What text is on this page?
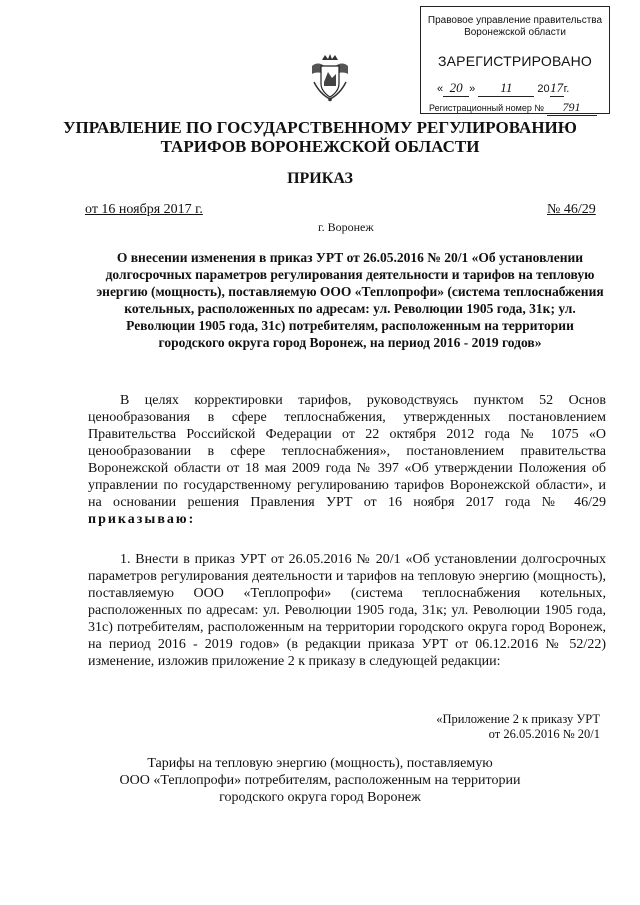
Правовое управление правительства
Воронежской области
ЗАРЕГИСТРИРОВАНО
« 20 » 11 2017г.
Регистрационный номер № 791
УПРАВЛЕНИЕ ПО ГОСУДАРСТВЕННОМУ РЕГУЛИРОВАНИЮ
ТАРИФОВ ВОРОНЕЖСКОЙ ОБЛАСТИ
ПРИКАЗ
от 16 ноября 2017 г.	№ 46/29
г. Воронеж
О внесении изменения в приказ УРТ от 26.05.2016 № 20/1 «Об установлении долгосрочных параметров регулирования деятельности и тарифов на тепловую энергию (мощность), поставляемую ООО «Теплопрофи» (система теплоснабжения котельных, расположенных по адресам: ул. Революции 1905 года, 31к; ул. Революции 1905 года, 31с) потребителям, расположенным на территории городского округа город Воронеж, на период 2016 - 2019 годов»
В целях корректировки тарифов, руководствуясь пунктом 52 Основ ценообразования в сфере теплоснабжения, утвержденных постановлением Правительства Российской Федерации от 22 октября 2012 года № 1075 «О ценообразовании в сфере теплоснабжения», постановлением правительства Воронежской области от 18 мая 2009 года № 397 «Об утверждении Положения об управлении по государственному регулированию тарифов Воронежской области», и на основании решения Правления УРТ от 16 ноября 2017 года № 46/29 приказываю:
1. Внести в приказ УРТ от 26.05.2016 № 20/1 «Об установлении долгосрочных параметров регулирования деятельности и тарифов на тепловую энергию (мощность), поставляемую ООО «Теплопрофи» (система теплоснабжения котельных, расположенных по адресам: ул. Революции 1905 года, 31к; ул. Революции 1905 года, 31с) потребителям, расположенным на территории городского округа город Воронеж, на период 2016 - 2019 годов» (в редакции приказа УРТ от 06.12.2016 № 52/22) изменение, изложив приложение 2 к приказу в следующей редакции:
«Приложение 2 к приказу УРТ
от 26.05.2016 № 20/1
Тарифы на тепловую энергию (мощность), поставляемую
ООО «Теплопрофи» потребителям, расположенным на территории
городского округа город Воронеж
